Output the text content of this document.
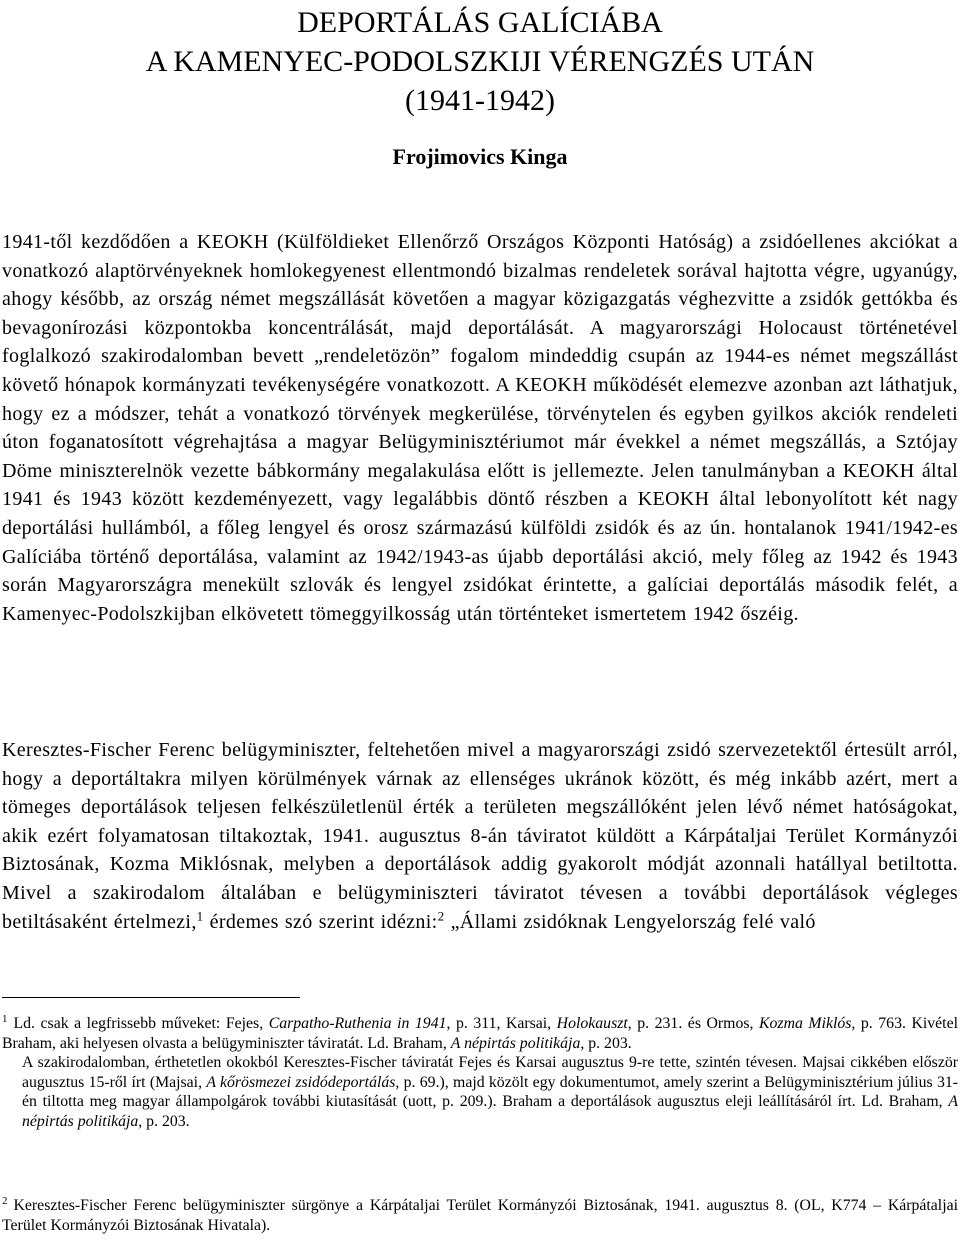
DEPORTÁLÁS GALÍCIÁBA
A KAMENYEC-PODOLSZKIJI VÉRENGZÉS UTÁN
(1941-1942)

Frojimovics Kinga

1941-től kezdődően a KEOKH (Külföldieket Ellenőrző Országos Központi Hatóság) a zsidóellenes akciókat a vonatkozó alaptörvényeknek homlokegyenest ellentmondó bizalmas rendeletek sorával hajtotta végre, ugyanúgy, ahogy később, az ország német megszállását követően a magyar közigazgatás véghezvitte a zsidók gettókba és bevagonírozási központokba koncentrálását, majd deportálását. A magyarországi Holocaust történetével foglalkozó szakirodalomban bevett „rendeletözön” fogalom mindeddig csupán az 1944-es német megszállást követő hónapok kormányzati tevékenységére vonatkozott. A KEOKH működését elemezve azonban azt láthatjuk, hogy ez a módszer, tehát a vonatkozó törvények megkerülése, törvénytelen és egyben gyilkos akciók rendeleti úton foganatosított végrehajtása a magyar Belügyminisztériumot már évekkel a német megszállás, a Sztójay Döme miniszterelnök vezette bábkormány megalakulása előtt is jellemezte. Jelen tanulmányban a KEOKH által 1941 és 1943 között kezdeményezett, vagy legalábbis döntő részben a KEOKH által lebonyolított két nagy deportálási hullámból, a főleg lengyel és orosz származású külföldi zsidók és az ún. hontalanok 1941/1942-es Galíciába történő deportálása, valamint az 1942/1943-as újabb deportálási akció, mely főleg az 1942 és 1943 során Magyarországra menekült szlovák és lengyel zsidókat érintette, a galíciai deportálás második felét, a Kamenyec-Podolszkijban elkövetett tömeggyilkosság után történteket ismertetem 1942 őszéig.

Keresztes-Fischer Ferenc belügyminiszter, feltehetően mivel a magyarországi zsidó szervezetektől értesült arról, hogy a deportáltakra milyen körülmények várnak az ellenséges ukránok között, és még inkább azért, mert a tömeges deportálások teljesen felkészületlenül érték a területen megszállóként jelen lévő német hatóságokat, akik ezért folyamatosan tiltakoztak, 1941. augusztus 8-án táviratot küldött a Kárpátaljai Terület Kormányzói Biztosának, Kozma Miklósnak, melyben a deportálások addig gyakorolt módját azonnali hatállyal betiltotta. Mivel a szakirodalom általában e belügyminiszteri táviratot tévesen a további deportálások végleges betiltásaként értelmezi,$^1$ érdemes szó szerint idézni:$^2$ „Állami zsidóknak Lengyelország felé való

$^1$ Ld. csak a legfrissebb műveket: Fejes, Carpatho-Ruthenia in 1941, p. 311, Karsai, Holokauszt, p. 231. és Ormos, Kozma Miklós, p. 763. Kivétel Braham, aki helyesen olvasta a belügyminiszter táviratát. Ld. Braham, A népirtás politikája, p. 203.
A szakirodalomban, érthetetlen okokból Keresztes-Fischer táviratát Fejes és Karsai augusztus 9-re tette, szintén tévesen. Majsai cikkében először augusztus 15-ről írt (Majsai, A kőrösmezei zsidódeportálás, p. 69.), majd közölt egy dokumentumot, amely szerint a Belügyminisztérium július 31-én tiltotta meg magyar állampolgárok további kiutasítását (uott, p. 209.). Braham a deportálások augusztus eleji leállításáról írt. Ld. Braham, A népirtás politikája, p. 203.
$^2$ Keresztes-Fischer Ferenc belügyminiszter sürgönye a Kárpátaljai Terület Kormányzói Biztosának, 1941. augusztus 8. (OL, K774 – Kárpátaljai Terület Kormányzói Biztosának Hivatala).
